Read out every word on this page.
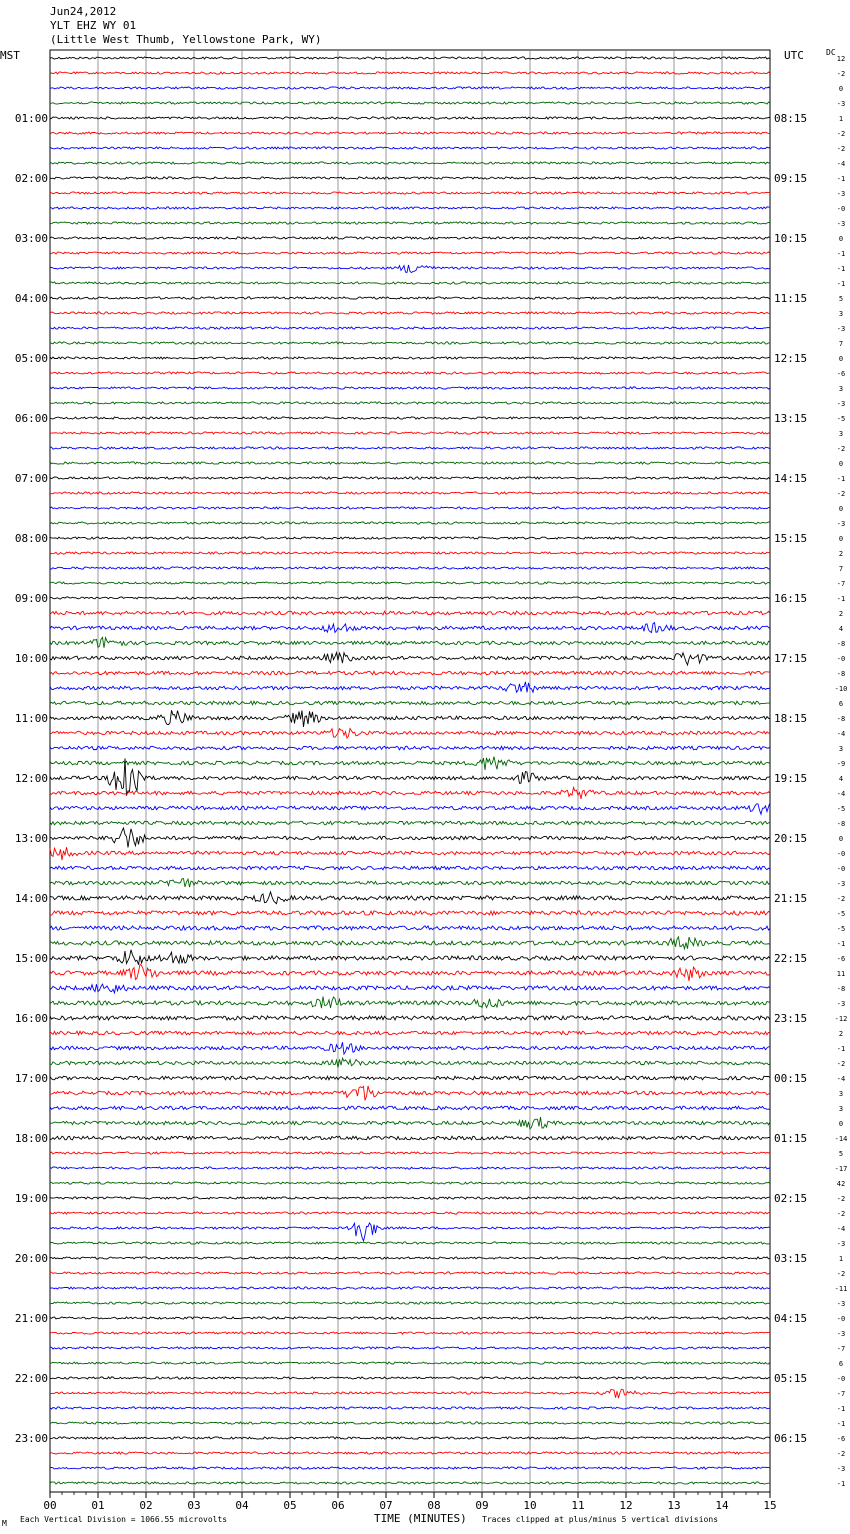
Jun24,2012
YLT EHZ WY 01
(Little West Thumb, Yellowstone Park, WY)
MST	UTC	DC
00	01	02	03	04	05	06	07	08	09	10	11	12	13	14	15
12
-2
0
-3
1
-2
-2
-4
-1
-3
-0
-3
0
-1
-1
-1
5
3
-3
7
0
-6
3
-3
-5
3
-2
0
-1
-2
0
-3
0
2
7
-7
-1
2
4
-8
-0
-8
-10
6
-8
-4
3
-9
4
-4
-5
-8
0
-0
-0
-3
-2
-5
-5
-1
-6
11
-8
-3
-12
2
-1
-2
-4
3
3
0
-14
5
-17
42
-2
-2
-4
-3
1
-2
-11
-3
-0
-3
-7
6
-0
-7
-1
-1
-6
-2
-3
-1
01:00
02:00
03:00
04:00
05:00
06:00
07:00
08:00
09:00
10:00
11:00
12:00
13:00
14:00
15:00
16:00
17:00
18:00
19:00
20:00
21:00
22:00
23:00
08:15
09:15
10:15
11:15
12:15
13:15
14:15
15:15
16:15
17:15
18:15
19:15
20:15
21:15
22:15
23:15
00:15
01:15
02:15
03:15
04:15
05:15
06:15
M Each Vertical Division = 1066.55 microvolts	TIME (MINUTES) Traces clipped at plus/minus 5 vertical divisions
